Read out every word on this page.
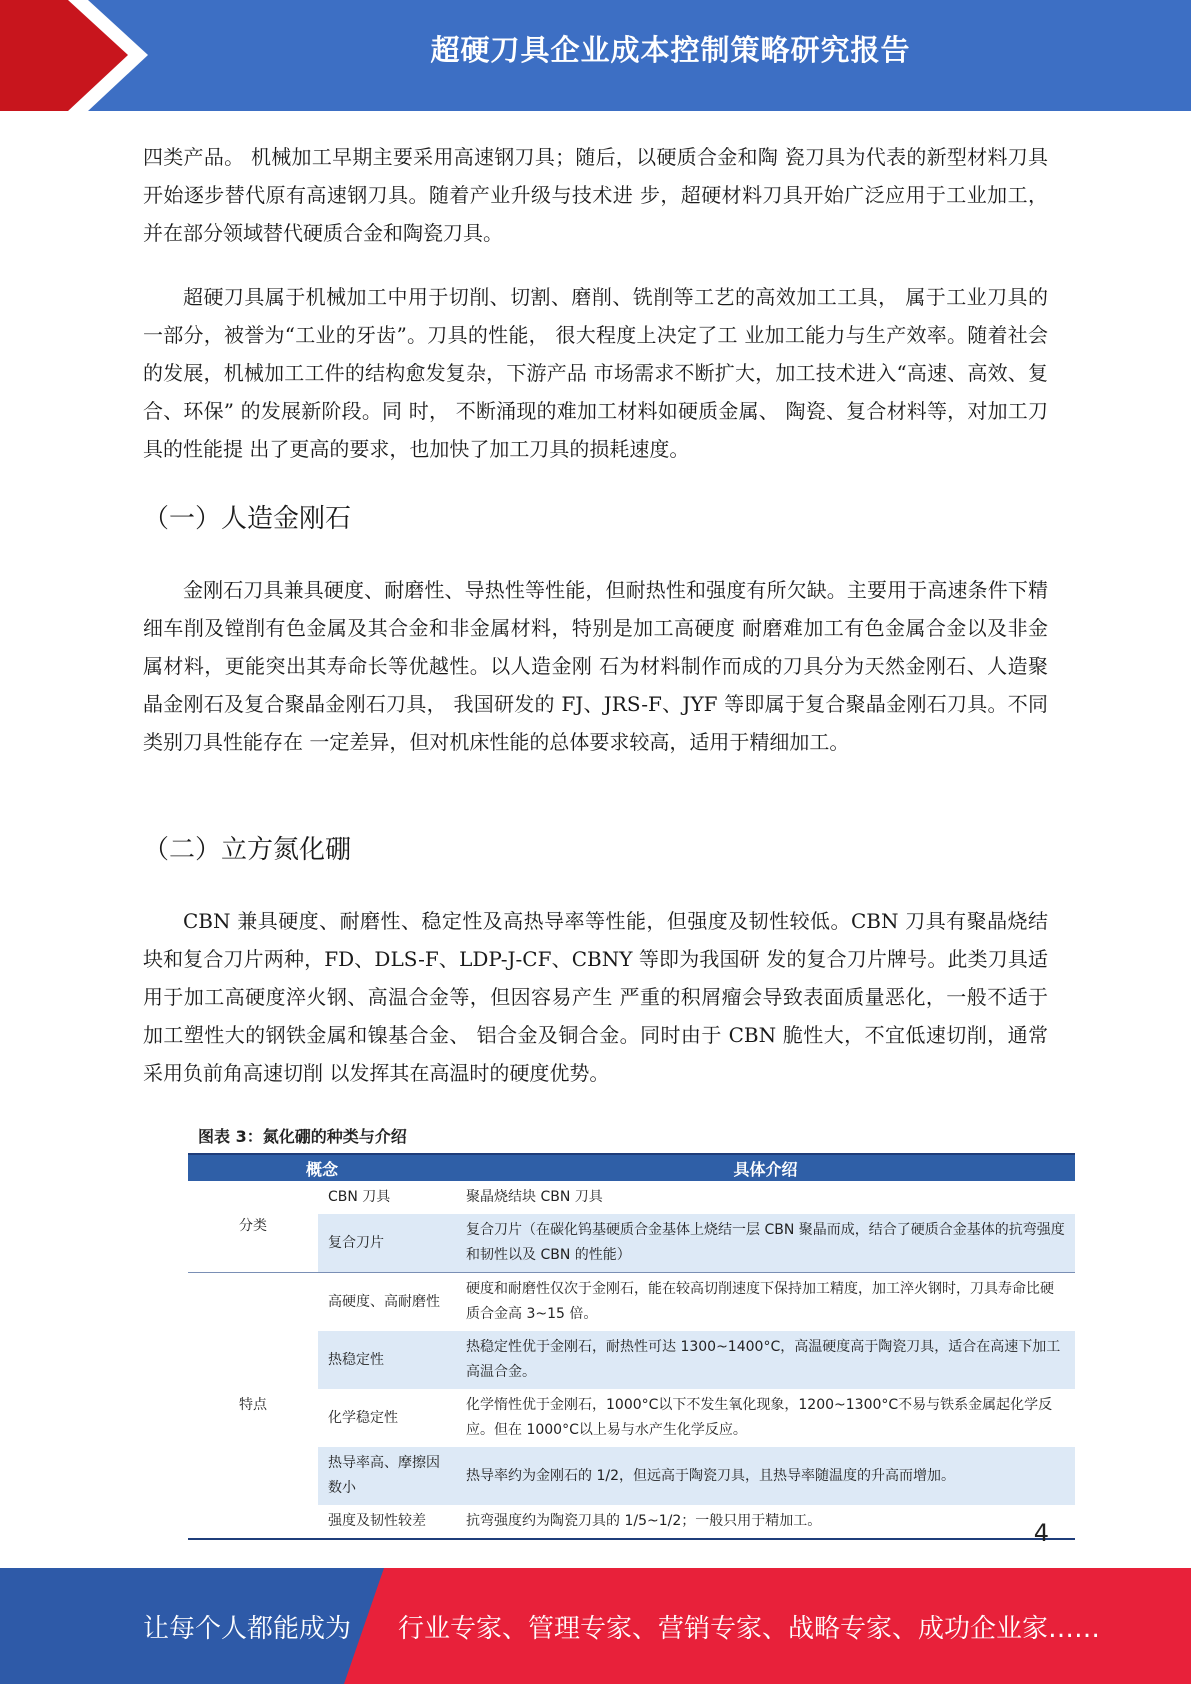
超硬刀具企业成本控制策略研究报告

四类产品。 机械加工早期主要采用高速钢刀具；随后，以硬质合金和陶 瓷刀具为代表的新型材料刀具开始逐步替代原有高速钢刀具。随着产业升级与技术进 步，超硬材料刀具开始广泛应用于工业加工，并在部分领域替代硬质合金和陶瓷刀具。

超硬刀具属于机械加工中用于切削、切割、磨削、铣削等工艺的高效加工工具， 属于工业刀具的一部分，被誉为“工业的牙齿”。刀具的性能， 很大程度上决定了工 业加工能力与生产效率。随着社会的发展，机械加工工件的结构愈发复杂，下游产品 市场需求不断扩大，加工技术进入“高速、高效、复合、环保” 的发展新阶段。同 时， 不断涌现的难加工材料如硬质金属、 陶瓷、复合材料等，对加工刀具的性能提 出了更高的要求，也加快了加工刀具的损耗速度。

（一）人造金刚石

金刚石刀具兼具硬度、耐磨性、导热性等性能，但耐热性和强度有所欠缺。主要用于高速条件下精细车削及镗削有色金属及其合金和非金属材料，特别是加工高硬度 耐磨难加工有色金属合金以及非金属材料，更能突出其寿命长等优越性。以人造金刚 石为材料制作而成的刀具分为天然金刚石、人造聚晶金刚石及复合聚晶金刚石刀具， 我国研发的 FJ、JRS-F、JYF 等即属于复合聚晶金刚石刀具。不同类别刀具性能存在 一定差异，但对机床性能的总体要求较高，适用于精细加工。

（二）立方氮化硼

CBN 兼具硬度、耐磨性、稳定性及高热导率等性能，但强度及韧性较低。CBN 刀具有聚晶烧结块和复合刀片两种，FD、DLS-F、LDP-J-CF、CBNY 等即为我国研 发的复合刀片牌号。此类刀具适用于加工高硬度淬火钢、高温合金等，但因容易产生 严重的积屑瘤会导致表面质量恶化，一般不适于加工塑性大的钢铁金属和镍基合金、 铝合金及铜合金。同时由于 CBN 脆性大，不宜低速切削，通常采用负前角高速切削 以发挥其在高温时的硬度优势。

图表 3：氮化硼的种类与介绍
概念		具体介绍
分类	CBN 刀具	聚晶烧结块 CBN 刀具
	复合刀片	复合刀片（在碳化钨基硬质合金基体上烧结一层 CBN 聚晶而成，结合了硬质合金基体的抗弯强度和韧性以及 CBN 的性能）
特点	高硬度、高耐磨性	硬度和耐磨性仅次于金刚石，能在较高切削速度下保持加工精度，加工淬火钢时，刀具寿命比硬质合金高 3~15 倍。
	热稳定性	热稳定性优于金刚石，耐热性可达 1300~1400°C，高温硬度高于陶瓷刀具，适合在高速下加工高温合金。
	化学稳定性	化学惰性优于金刚石，1000°C以下不发生氧化现象，1200~1300°C不易与铁系金属起化学反应。但在 1000°C以上易与水产生化学反应。
	热导率高、摩擦因数小	热导率约为金刚石的 1/2，但远高于陶瓷刀具，且热导率随温度的升高而增加。
	强度及韧性较差	抗弯强度约为陶瓷刀具的 1/5~1/2；一般只用于精加工。	4
让每个人都能成为 行业专家、管理专家、营销专家、战略专家、成功企业家……
